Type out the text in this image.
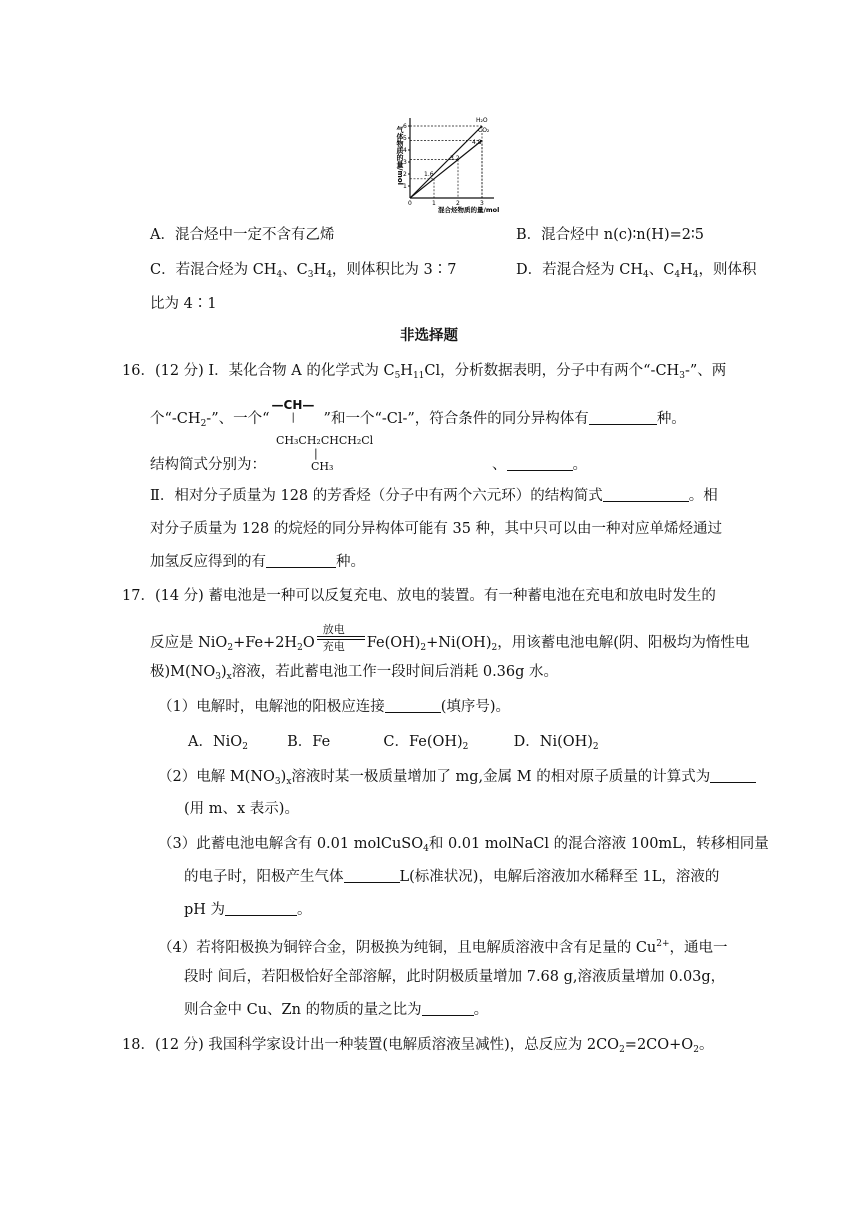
气体物质的量/mol
1
2
3
4
5
6
0	1	2	3
H₂O
CO₂
4.8
3.2
1.6
混合烃物质的量/mol
A．混合烃中一定不含有乙烯	B．混合烃中 n(c)∶n(H)=2∶5
C．若混合烃为 $CH_4$、$C_3H_4$，则体积比为 3∶7	D．若混合烃为 $CH_4$、$C_4H_4$，则体积
比为 4∶1
非选择题
16．(12 分) Ⅰ．某化合物 A 的化学式为 $C_5H_{11}Cl$，分析数据表明，分子中有两个“$-CH_3-$”、两
个“$-CH_2-$”、一个“
—CH—
| ”和一个“-Cl-”，符合条件的同分异构体有	种。
CH₃CH₂CHCH₂Cl
|
CH₃
结构简式分别为：	、	。
Ⅱ．相对分子质量为 128 的芳香烃（分子中有两个六元环）的结构简式	。相
对分子质量为 128 的烷烃的同分异构体可能有 35 种，其中只可以由一种对应单烯烃通过
加氢反应得到的有	种。
17．(14 分) 蓄电池是一种可以反复充电、放电的装置。有一种蓄电池在充电和放电时发生的
反应是 $NiO_2+Fe+2H_2O$
放电
充电 $Fe(OH)_2+Ni(OH)_2$，用该蓄电池电解(阴、阳极均为惰性电
极)$M(NO_3)_x$溶液，若此蓄电池工作一段时间后消耗 0.36g 水。
（1）电解时，电解池的阳极应连接	(填序号)。
A．NiO$_2$	B．Fe	C．$Fe(OH)_2$	D．$Ni(OH)_2$
（2）电解 $M(NO_3)_x$溶液时某一极质量增加了 mg,金属 M 的相对原子质量的计算式为
(用 m、x 表示)。
（3）此蓄电池电解含有 0.01 molCuSO$_4$和 0.01 molNaCl 的混合溶液 100mL，转移相同量
的电子时，阳极产生气体	L(标准状况)，电解后溶液加水稀释至 1L，溶液的
pH 为	。
（4）若将阳极换为铜锌合金，阴极换为纯铜，且电解质溶液中含有足量的 $Cu^{2+}$，通电一
段时 间后，若阳极恰好全部溶解，此时阴极质量增加 7.68 g,溶液质量增加 0.03g，
则合金中 Cu、Zn 的物质的量之比为	。
18．(12 分) 我国科学家设计出一种装置(电解质溶液呈减性)，总反应为 $2CO_2=2CO+O_2$。
